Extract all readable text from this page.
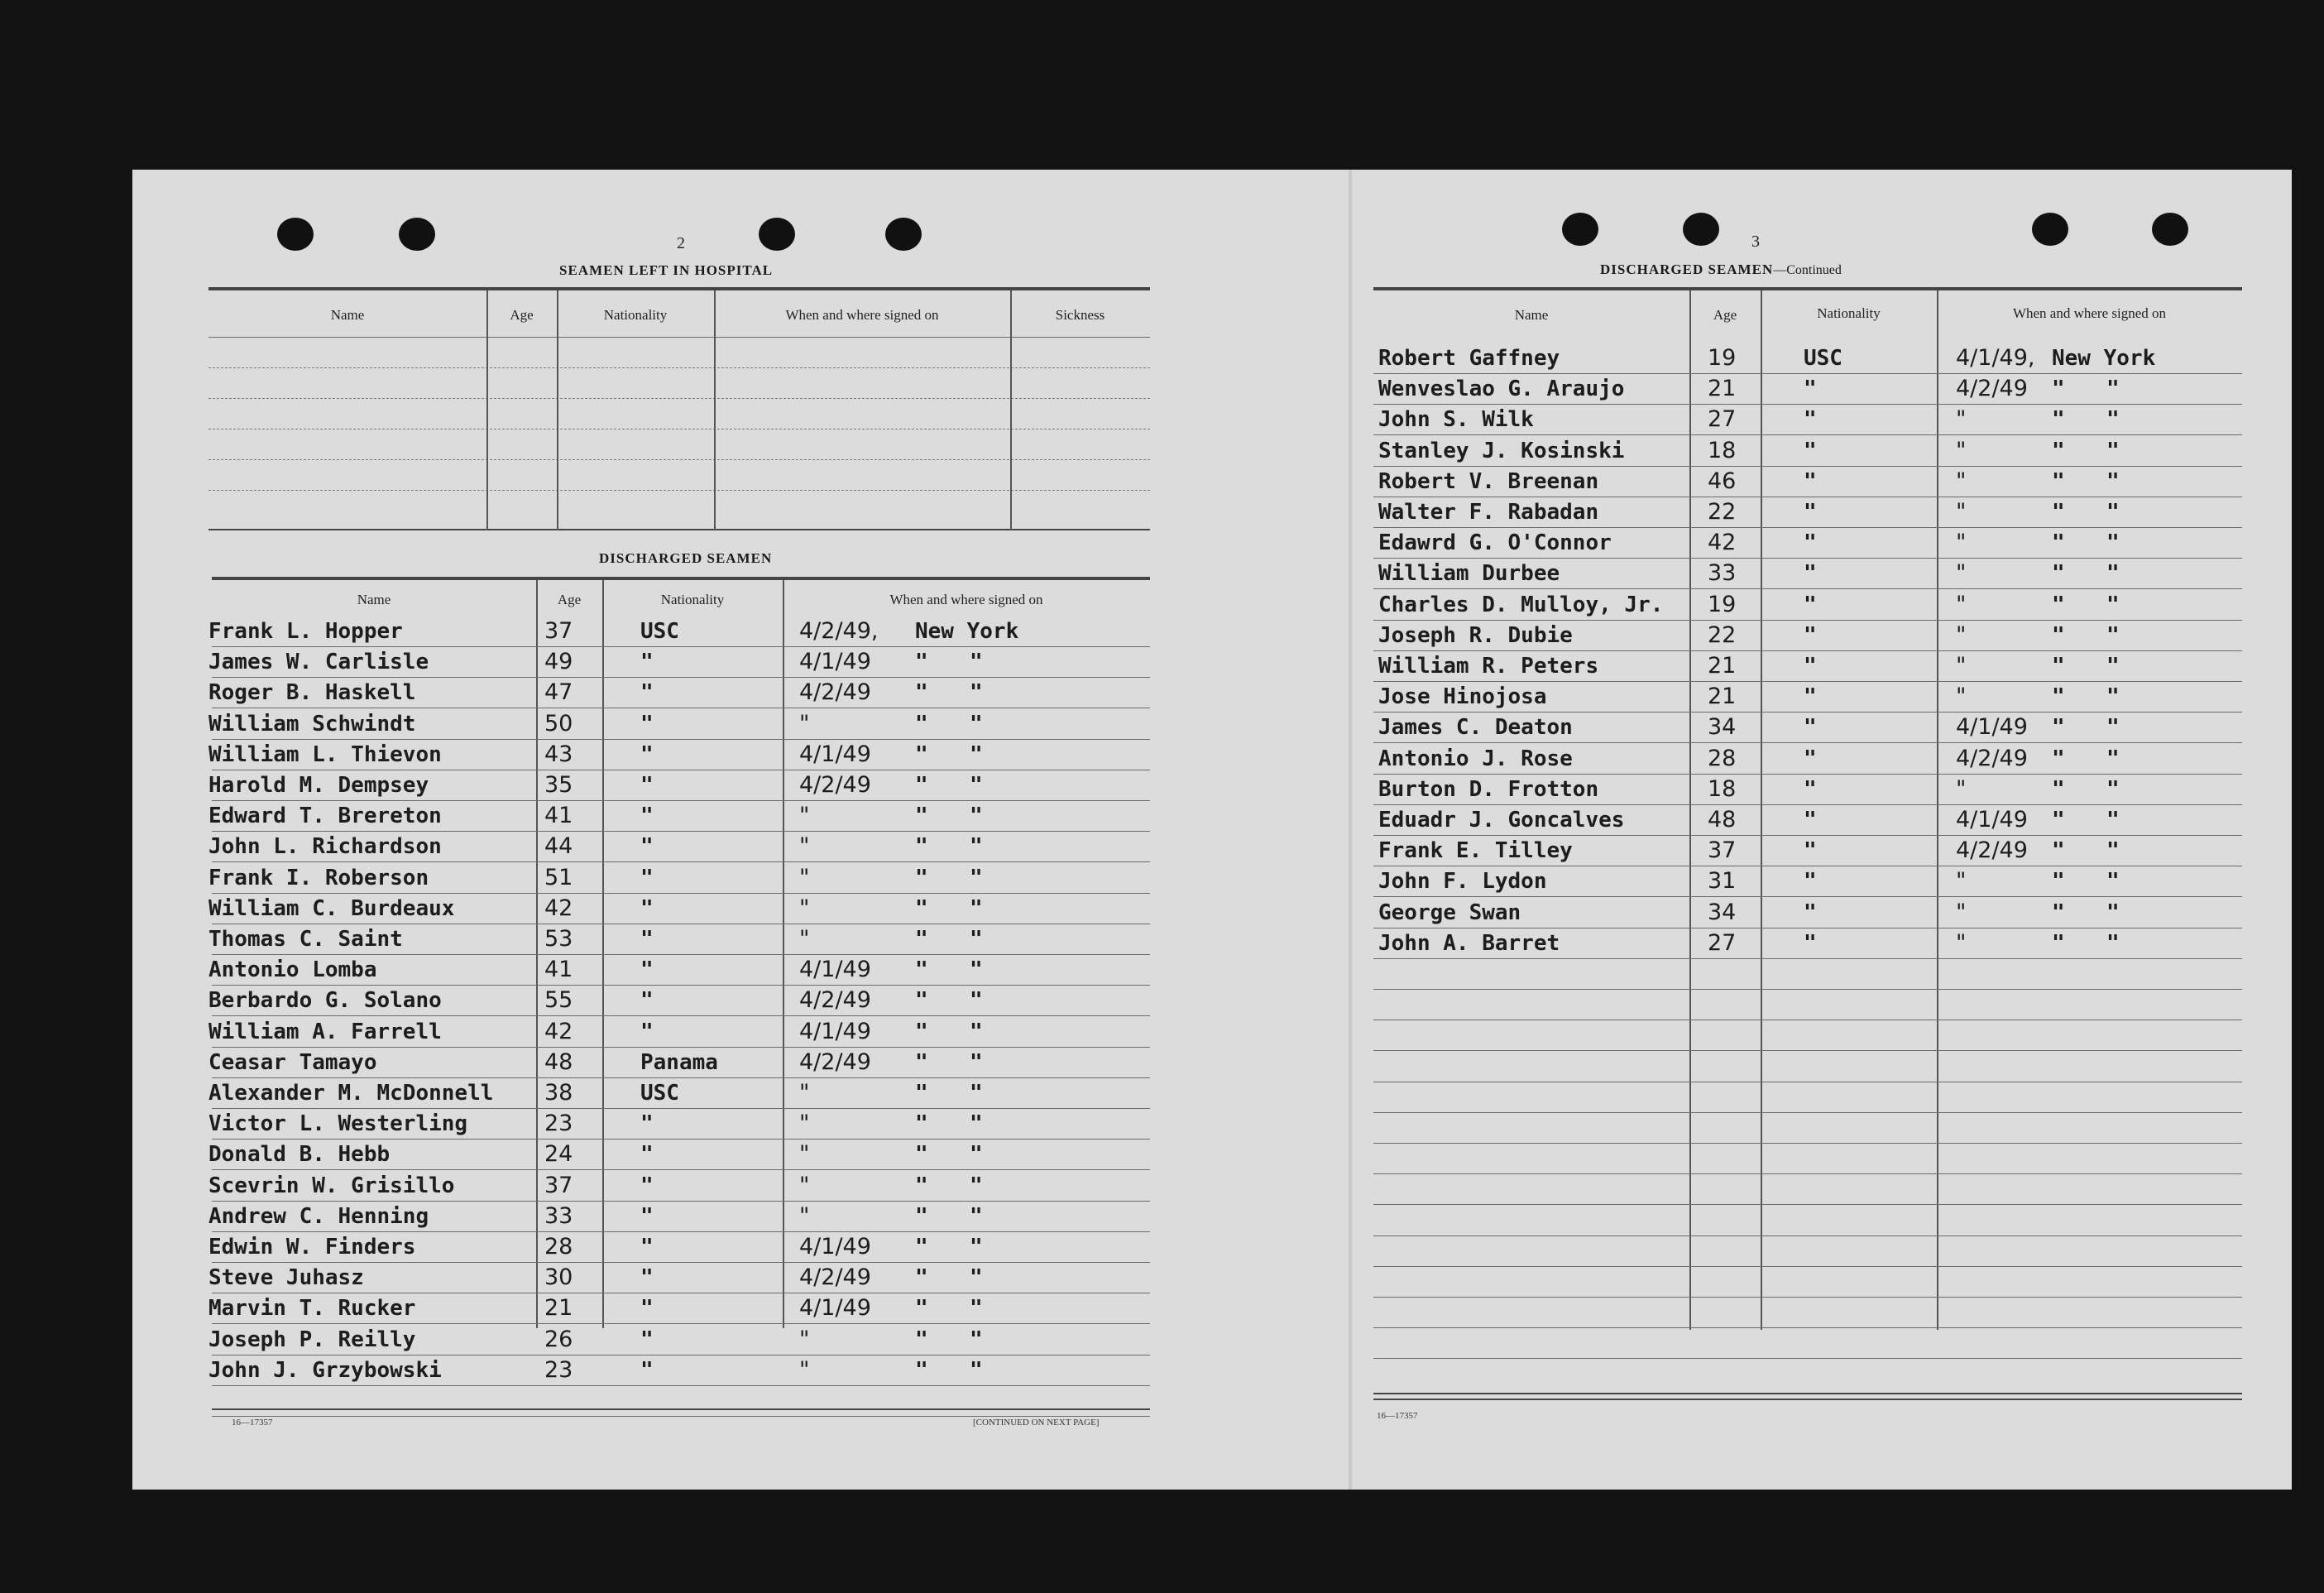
2
SEAMEN LEFT IN HOSPITAL
Name	Age	Nationality	When and where signed on	Sickness
DISCHARGED SEAMEN
Name	Age	Nationality	When and where signed on
Frank L. Hopper	37	USC	4/2/49, New York
James W. Carlisle	49	"	4/1/49 " "
Roger B. Haskell	47	"	4/2/49 " "
William Schwindt	50	"	"	" "
William L. Thievon	43	"	4/1/49 " "
Harold M. Dempsey	35	"	4/2/49 " "
Edward T. Brereton	41	"	"	" "
John L. Richardson	44	"	"	" "
Frank I. Roberson	51	"	"	" "
William C. Burdeaux	42	"	"	" "
Thomas C. Saint	53	"	"	" "
Antonio Lomba	41	"	4/1/49 " "
Berbardo G. Solano	55	"	4/2/49 " "
William A. Farrell	42	"	4/1/49 " "
Ceasar Tamayo	48	Panama	4/2/49 " "
Alexander M. McDonnell 38	USC	"	" "
Victor L. Westerling	23	"	"	" "
Donald B. Hebb	24	"	"	" "
Scevrin W. Grisillo	37	"	"	" "
Andrew C. Henning	33	"	"	" "
Edwin W. Finders	28	"	4/1/49 " "
Steve Juhasz	30	"	4/2/49 " "
Marvin T. Rucker	21	"	4/1/49 " "
Joseph P. Reilly	26	"	"	" "
John J. Grzybowski	23	"	"	" "
16—17357	[CONTINUED ON NEXT PAGE]
3
DISCHARGED SEAMEN—Continued
Name	Age	Nationality	When and where signed on
Robert Gaffney	19	USC	4/1/49, New York
Wenveslao G. Araujo	21	"	4/2/49 " "
John S. Wilk	27	"	"	" "
Stanley J. Kosinski	18	"	"	" "
Robert V. Breenan	46	"	"	" "
Walter F. Rabadan	22	"	"	" "
Edawrd G. O'Connor	42	"	"	" "
William Durbee	33	"	"	" "
Charles D. Mulloy, Jr. 19	"	"	" "
Joseph R. Dubie	22	"	"	" "
William R. Peters	21	"	"	" "
Jose Hinojosa	21	"	"	" "
James C. Deaton	34	"	4/1/49 " "
Antonio J. Rose	28	"	4/2/49 " "
Burton D. Frotton	18	"	"	" "
Eduadr J. Goncalves	48	"	4/1/49 " "
Frank E. Tilley	37	"	4/2/49 " "
John F. Lydon	31	"	"	" "
George Swan	34	"	"	" "
John A. Barret	27	"	"	" "
16—17357
